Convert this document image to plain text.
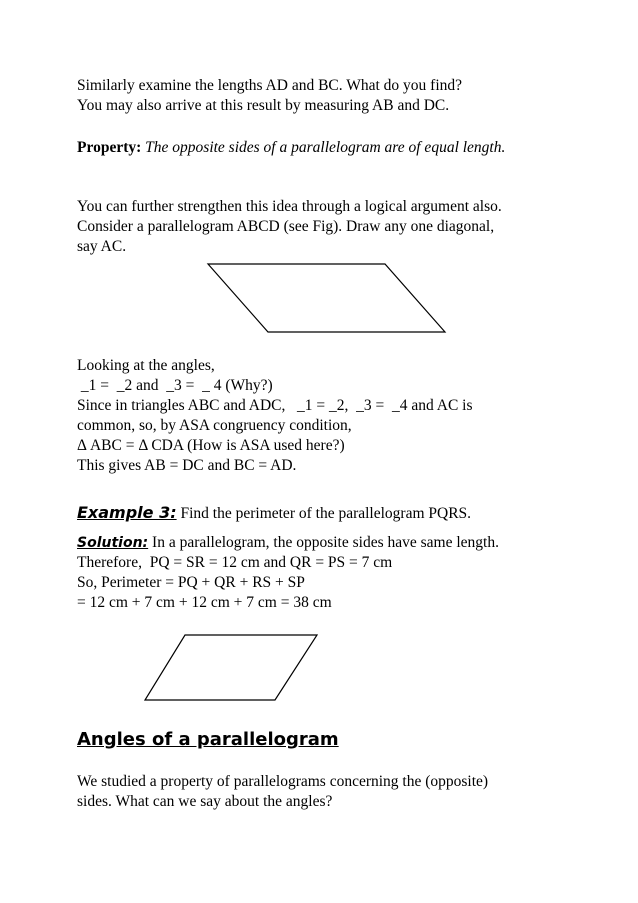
Similarly examine the lengths AD and BC. What do you find?
You may also arrive at this result by measuring AB and DC.
Property: The opposite sides of a parallelogram are of equal length.
You can further strengthen this idea through a logical argument also.
Consider a parallelogram ABCD (see Fig). Draw any one diagonal,
say AC.
Looking at the angles,
_1 =  _2 and  _3 =  _ 4 (Why?)
Since in triangles ABC and ADC,   _1 = _2,  _3 =  _4 and AC is
common, so, by ASA congruency condition,
Δ ABC = Δ CDA (How is ASA used here?)
This gives AB = DC and BC = AD.
Example 3: Find the perimeter of the parallelogram PQRS.
Solution: In a parallelogram, the opposite sides have same length.
Therefore,  PQ = SR = 12 cm and QR = PS = 7 cm
So, Perimeter = PQ + QR + RS + SP
= 12 cm + 7 cm + 12 cm + 7 cm = 38 cm
Angles of a parallelogram
We studied a property of parallelograms concerning the (opposite)
sides. What can we say about the angles?
